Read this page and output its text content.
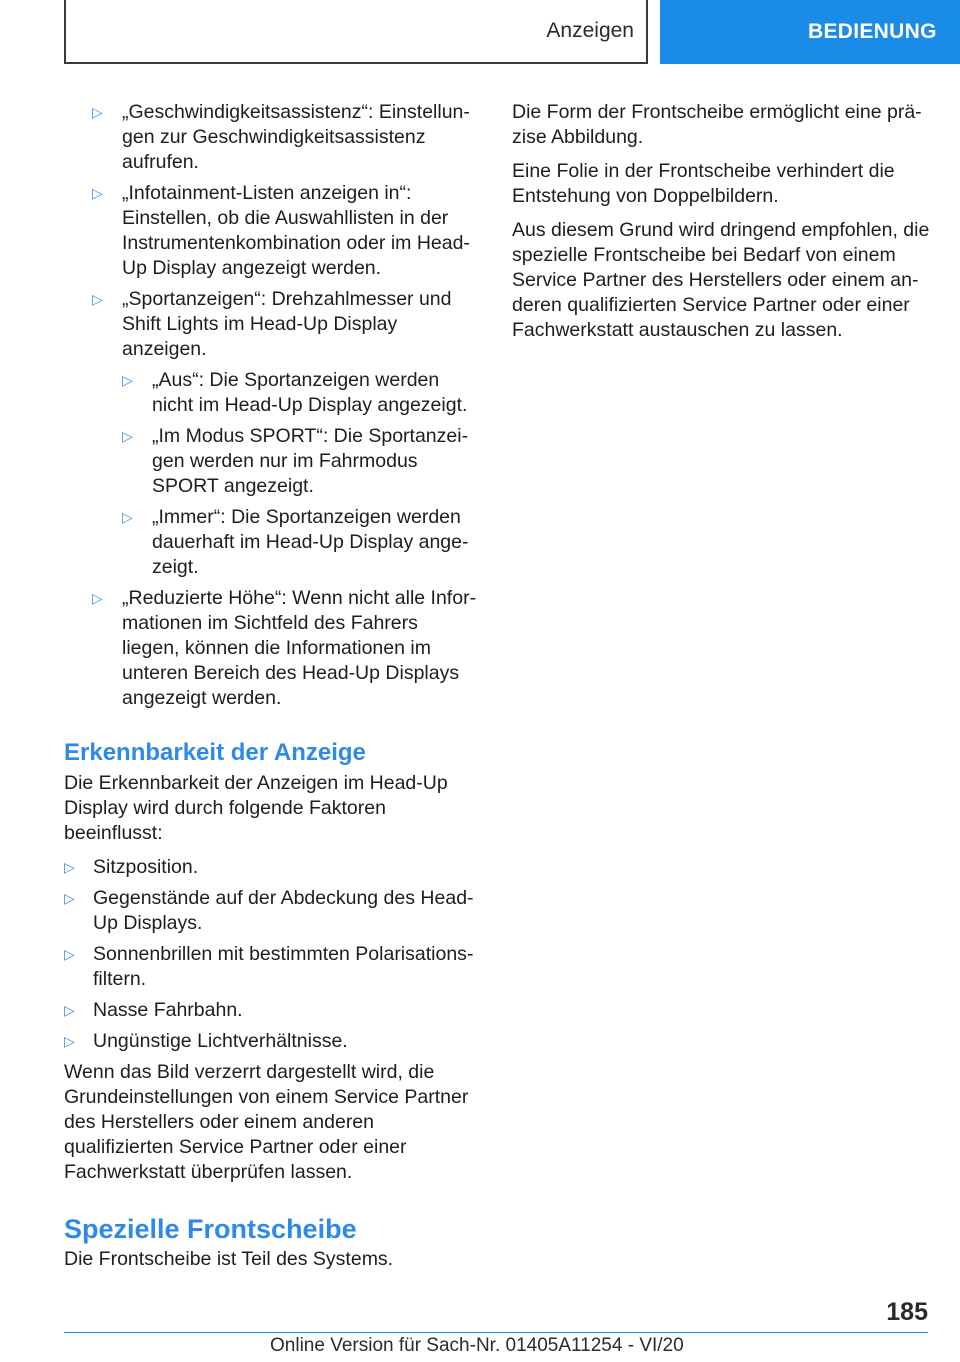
Anzeigen	BEDIENUNG
▷ „Geschwindigkeitsassistenz“: Einstellungen zur Geschwindigkeitsassistenz aufrufen.
▷ „Infotainment-Listen anzeigen in“: Einstellen, ob die Auswahllisten in der Instrumentenkombination oder im Head-Up Display angezeigt werden.
▷ „Sportanzeigen“: Drehzahlmesser und Shift Lights im Head-Up Display anzeigen.
▷ „Aus“: Die Sportanzeigen werden nicht im Head-Up Display angezeigt.
▷ „Im Modus SPORT“: Die Sportanzeigen werden nur im Fahrmodus SPORT angezeigt.
▷ „Immer“: Die Sportanzeigen werden dauerhaft im Head-Up Display angezeigt.
▷ „Reduzierte Höhe“: Wenn nicht alle Informationen im Sichtfeld des Fahrers liegen, können die Informationen im unteren Bereich des Head-Up Displays angezeigt werden.
Erkennbarkeit der Anzeige

Die Erkennbarkeit der Anzeigen im Head-Up Display wird durch folgende Faktoren beeinflusst:

▷ Sitzposition.
▷ Gegenstände auf der Abdeckung des Head-Up Displays.
▷ Sonnenbrillen mit bestimmten Polarisationsfiltern.
▷ Nasse Fahrbahn.
▷ Ungünstige Lichtverhältnisse.

Wenn das Bild verzerrt dargestellt wird, die Grundeinstellungen von einem Service Partner des Herstellers oder einem anderen qualifizierten Service Partner oder einer Fachwerkstatt überprüfen lassen.

Spezielle Frontscheibe

Die Frontscheibe ist Teil des Systems.

Die Form der Frontscheibe ermöglicht eine präzise Abbildung.

Eine Folie in der Frontscheibe verhindert die Entstehung von Doppelbildern.

Aus diesem Grund wird dringend empfohlen, die spezielle Frontscheibe bei Bedarf von einem Service Partner des Herstellers oder einem anderen qualifizierten Service Partner oder einer Fachwerkstatt austauschen zu lassen.

185
Online Version für Sach-Nr. 01405A11254 - VI/20
